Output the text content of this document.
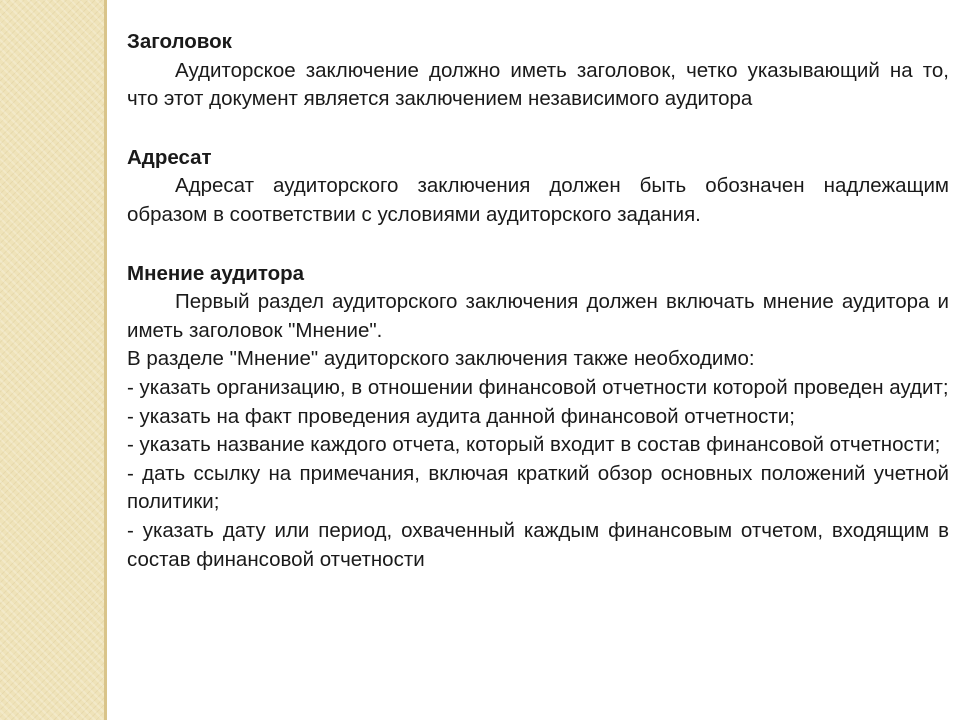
Заголовок

Аудиторское заключение должно иметь заголовок, четко указывающий на то, что этот документ является заключением независимого аудитора

Адресат

Адресат аудиторского заключения должен быть обозначен надлежащим образом в соответствии с условиями аудиторского задания.

Мнение аудитора

Первый раздел аудиторского заключения должен включать мнение аудитора и иметь заголовок "Мнение".

В разделе "Мнение" аудиторского заключения также необходимо:

- указать организацию, в отношении финансовой отчетности которой проведен аудит;

- указать на факт проведения аудита данной финансовой отчетности;

- указать название каждого отчета, который входит в состав финансовой отчетности;

- дать ссылку на примечания, включая краткий обзор основных положений учетной политики;

- указать дату или период, охваченный каждым финансовым отчетом, входящим в состав финансовой отчетности
